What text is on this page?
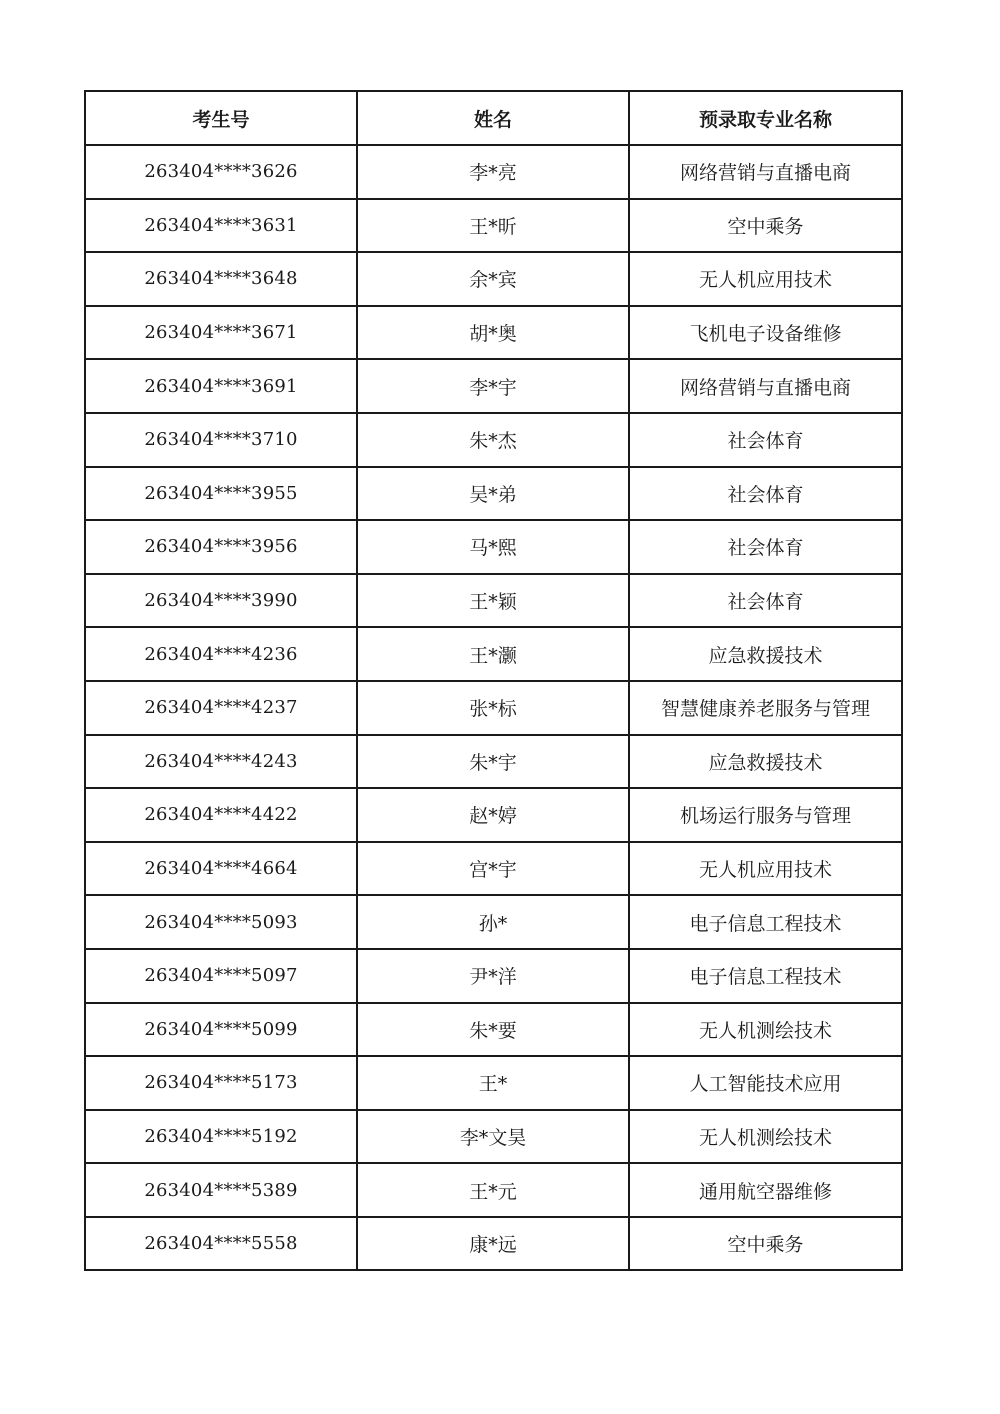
考生号	姓名	预录取专业名称
263404****3626	李*亮	网络营销与直播电商
263404****3631	王*昕	空中乘务
263404****3648	余*宾	无人机应用技术
263404****3671	胡*奥	飞机电子设备维修
263404****3691	李*宇	网络营销与直播电商
263404****3710	朱*杰	社会体育
263404****3955	吴*弟	社会体育
263404****3956	马*熙	社会体育
263404****3990	王*颖	社会体育
263404****4236	王*灏	应急救援技术
263404****4237	张*标	智慧健康养老服务与管理
263404****4243	朱*宇	应急救援技术
263404****4422	赵*婷	机场运行服务与管理
263404****4664	宫*宇	无人机应用技术
263404****5093	孙*	电子信息工程技术
263404****5097	尹*洋	电子信息工程技术
263404****5099	朱*要	无人机测绘技术
263404****5173	王*	人工智能技术应用
263404****5192	李*文昊	无人机测绘技术
263404****5389	王*元	通用航空器维修
263404****5558	康*远	空中乘务
